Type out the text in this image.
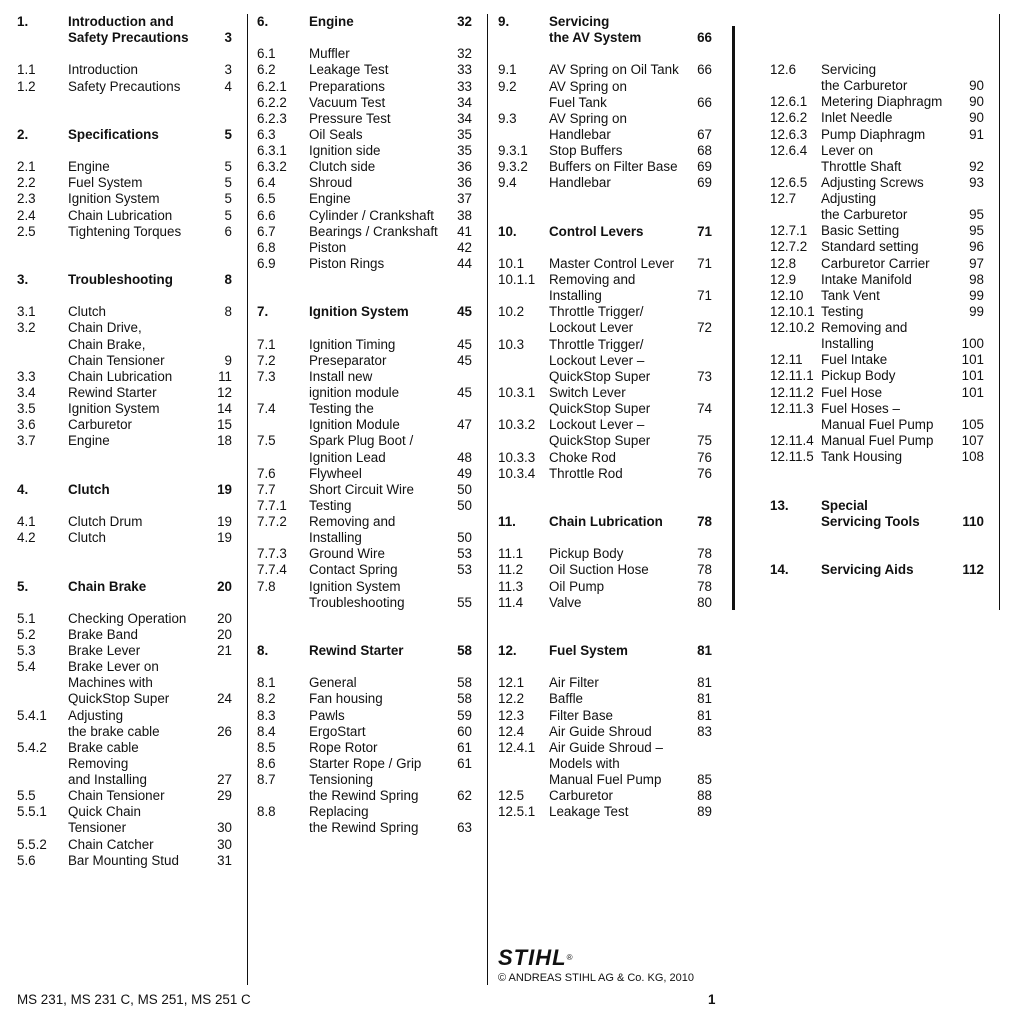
1.	Introduction and
Safety Precautions	3
1.1 Introduction	3
1.2 Safety Precautions	4
2.	Specifications	5
2.1 Engine	5
2.2 Fuel System	5
2.3 Ignition System	5
2.4 Chain Lubrication	5
2.5 Tightening Torques	6
3.	Troubleshooting	8
3.1 Clutch	8
3.2 Chain Drive,
Chain Brake,
Chain Tensioner	9
3.3 Chain Lubrication	11
3.4 Rewind Starter	12
3.5 Ignition System	14
3.6 Carburetor	15
3.7 Engine	18
4.	Clutch	19
4.1 Clutch Drum	19
4.2 Clutch	19
5.	Chain Brake	20
5.1 Checking Operation 20
5.2 Brake Band	20
5.3 Brake Lever	21
5.4 Brake Lever on
Machines with
QuickStop Super	24
5.4.1 Adjusting
the brake cable	26
5.4.2 Brake cable
Removing
and Installing	27
5.5 Chain Tensioner	29
5.5.1 Quick Chain
Tensioner	30
5.5.2 Chain Catcher	30
5.6 Bar Mounting Stud	31
6.	Engine	32
6.1 Muffler	32
6.2 Leakage Test	33
6.2.1 Preparations	33
6.2.2 Vacuum Test	34
6.2.3 Pressure Test	34
6.3 Oil Seals	35
6.3.1 Ignition side	35
6.3.2 Clutch side	36
6.4 Shroud	36
6.5 Engine	37
6.6 Cylinder / Crankshaft 38
6.7 Bearings / Crankshaft 41
6.8 Piston	42
6.9 Piston Rings	44
7.	Ignition System	45
7.1 Ignition Timing	45
7.2 Preseparator	45
7.3 Install new
ignition module	45
7.4 Testing the
Ignition Module	47
7.5 Spark Plug Boot /
Ignition Lead	48
7.6 Flywheel	49
7.7 Short Circuit Wire	50
7.7.1 Testing	50
7.7.2 Removing and
Installing	50
7.7.3 Ground Wire	53
7.7.4 Contact Spring	53
7.8 Ignition System
Troubleshooting	55
8.	Rewind Starter	58
8.1 General	58
8.2 Fan housing	58
8.3 Pawls	59
8.4 ErgoStart	60
8.5 Rope Rotor	61
8.6 Starter Rope / Grip	61
8.7 Tensioning
the Rewind Spring	62
8.8 Replacing
the Rewind Spring	63
9.	Servicing
the AV System	66
9.1 AV Spring on Oil Tank 66
9.2 AV Spring on
Fuel Tank	66
9.3 AV Spring on
Handlebar	67
9.3.1 Stop Buffers	68
9.3.2 Buffers on Filter Base 69
9.4 Handlebar	69
10. Control Levers	71
10.1 Master Control Lever 71
10.1.1 Removing and
Installing	71
10.2 Throttle Trigger/
Lockout Lever	72
10.3 Throttle Trigger/
Lockout Lever –
QuickStop Super	73
10.3.1 Switch Lever
QuickStop Super	74
10.3.2 Lockout Lever –
QuickStop Super	75
10.3.3 Choke Rod	76
10.3.4 Throttle Rod	76
11. Chain Lubrication	78
11.1 Pickup Body	78
11.2 Oil Suction Hose	78
11.3 Oil Pump	78
11.4 Valve	80
12. Fuel System	81
12.1 Air Filter	81
12.2 Baffle	81
12.3 Filter Base	81
12.4 Air Guide Shroud	83
12.4.1 Air Guide Shroud –
Models with
Manual Fuel Pump	85
12.5 Carburetor	88
12.5.1 Leakage Test	89
12.6 Servicing
the Carburetor	90
12.6.1 Metering Diaphragm 90
12.6.2 Inlet Needle	90
12.6.3 Pump Diaphragm	91
12.6.4 Lever on
Throttle Shaft	92
12.6.5 Adjusting Screws	93
12.7 Adjusting
the Carburetor	95
12.7.1 Basic Setting	95
12.7.2 Standard setting	96
12.8 Carburetor Carrier	97
12.9 Intake Manifold	98
12.10 Tank Vent	99
12.10.1 Testing	99
12.10.2 Removing and
Installing	100
12.11 Fuel Intake	101
12.11.1 Pickup Body	101
12.11.2 Fuel Hose	101
12.11.3 Fuel Hoses –
Manual Fuel Pump 105
12.11.4 Manual Fuel Pump 107
12.11.5 Tank Housing	108
13. Special
Servicing Tools	110
14. Servicing Aids	112
STIHL®
© ANDREAS STIHL AG & Co. KG, 2010
MS 231, MS 231 C, MS 251, MS 251 C	1
